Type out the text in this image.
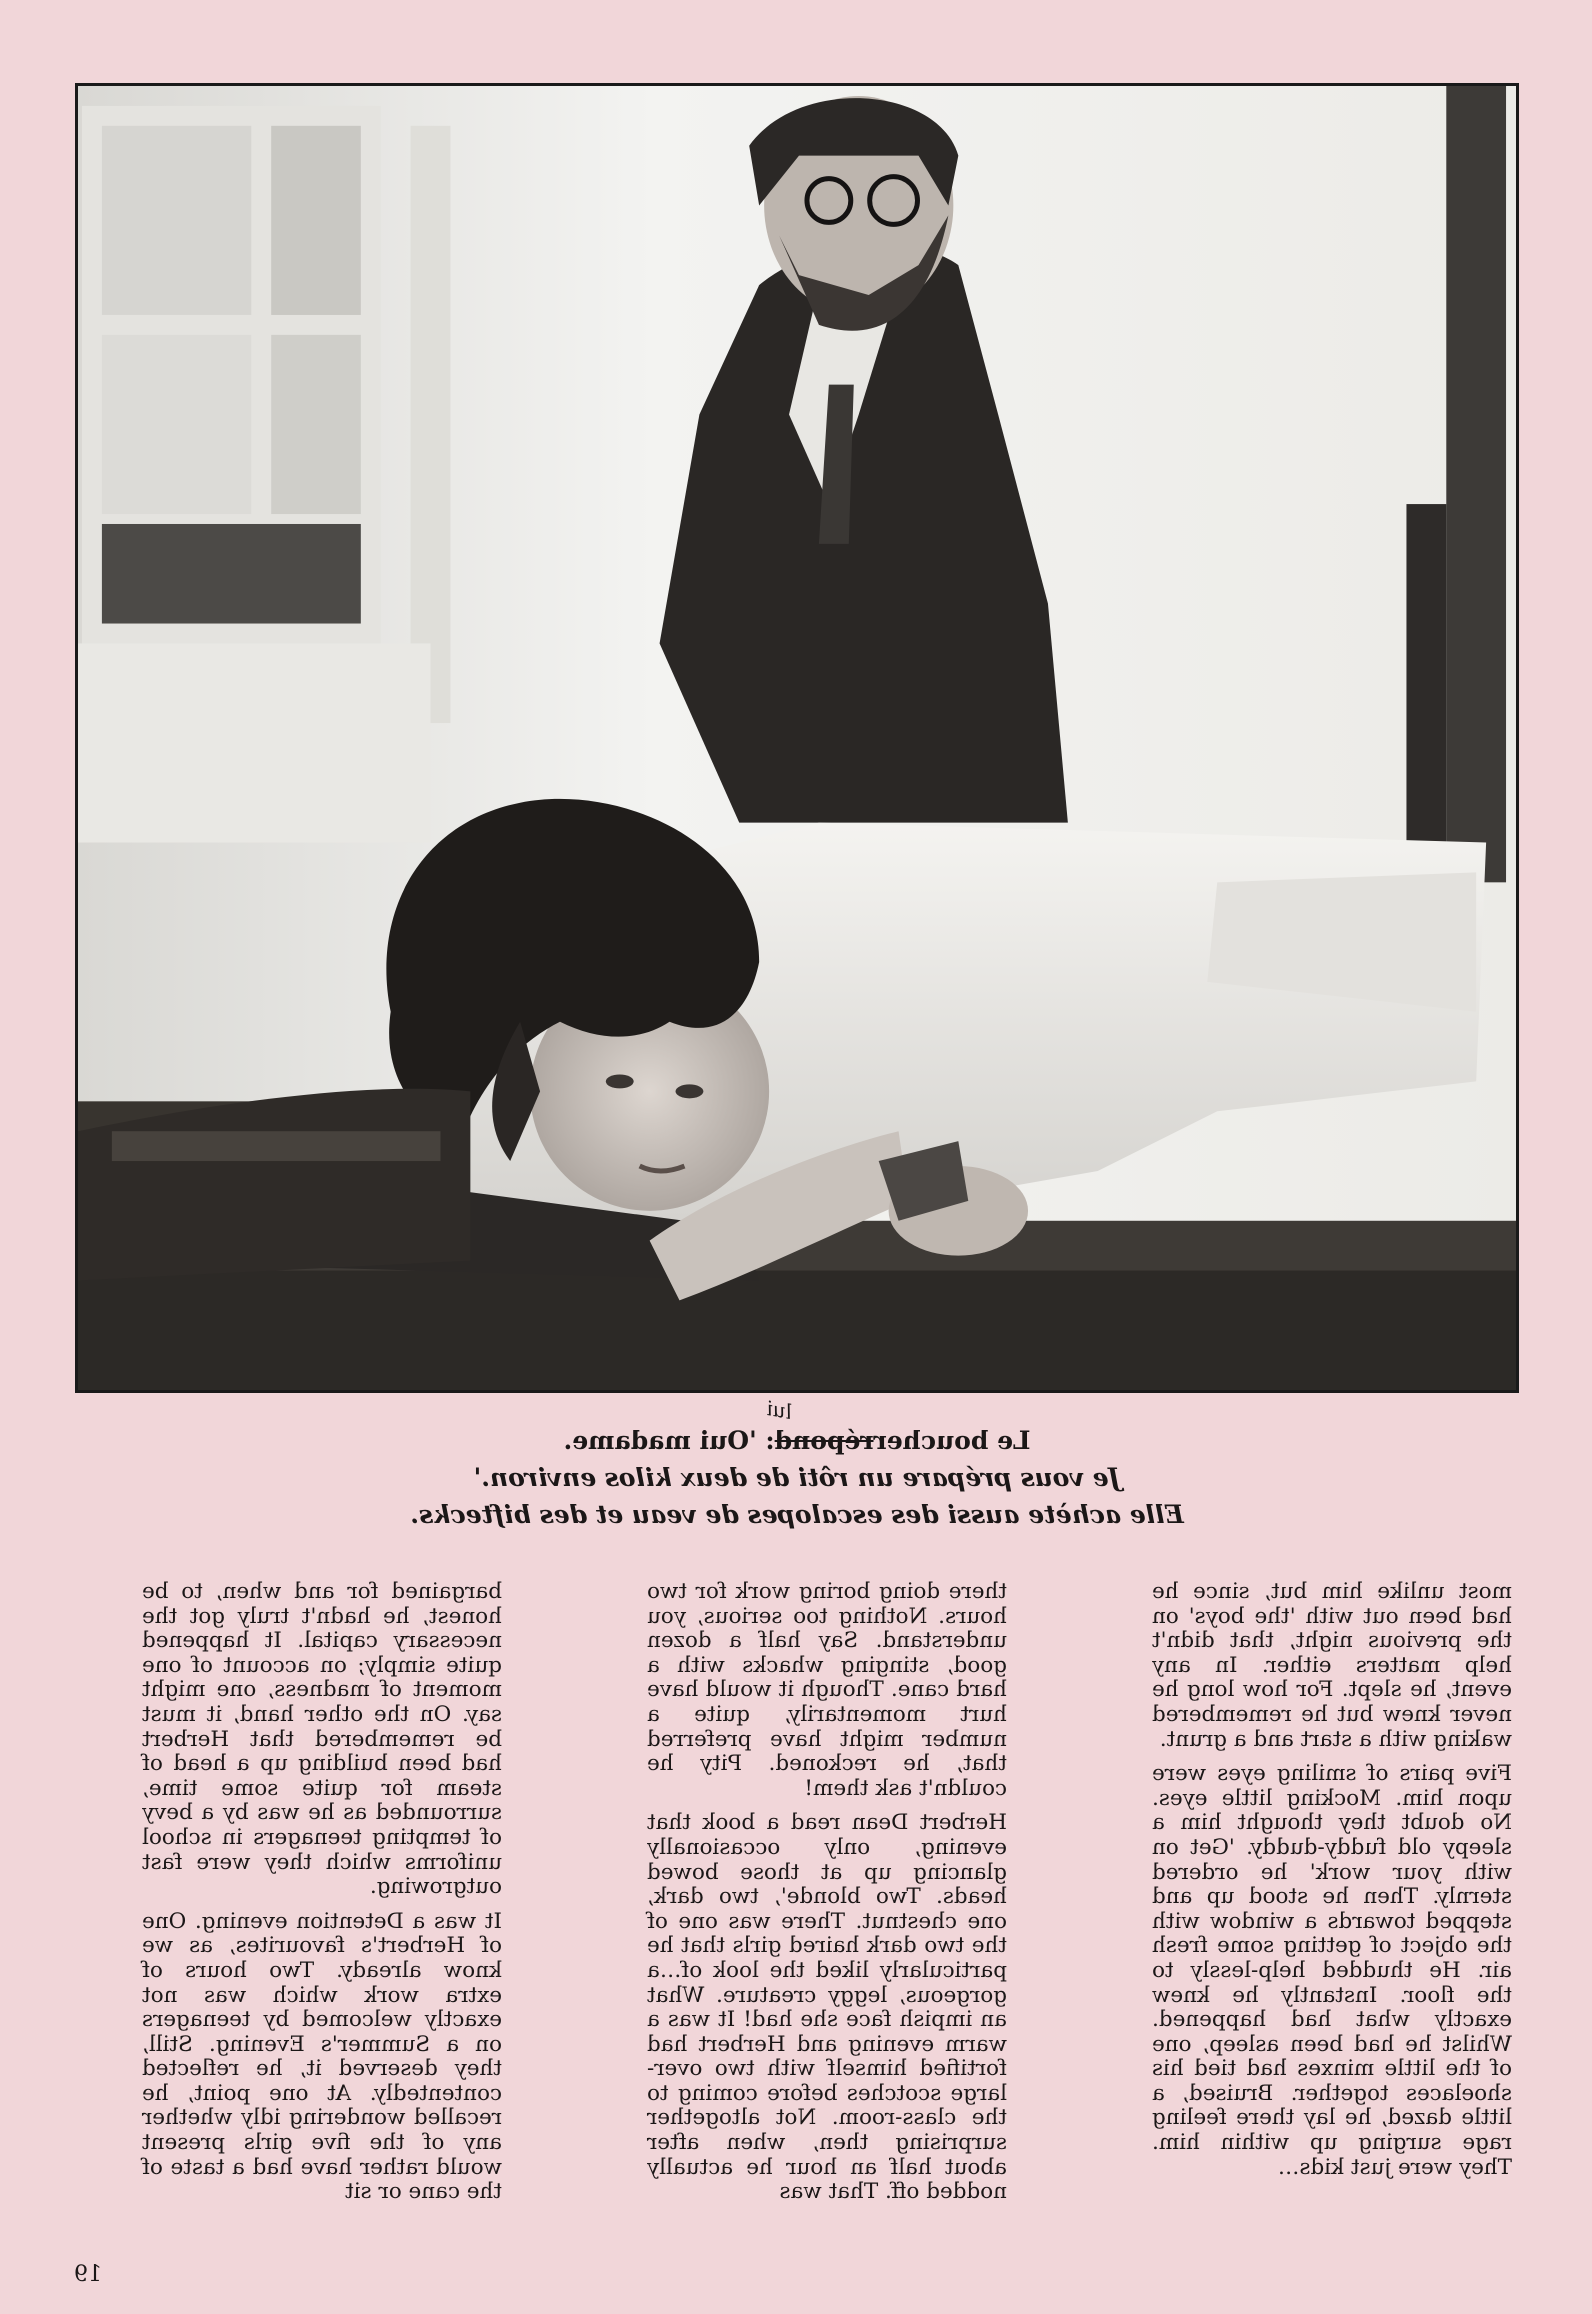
Le boucherrépond: 'Oui madame.
lui
Je vous prépare un rôti de deux kilos environ.'
Elle achète aussi des escalopes de veau et des biftecks.

bargained for and when, to be honest, he hadn't truly got the necessary capital. It happened quite simply; on account of one moment of madness, one might say. On the other hand, it must be remembered that Herbert had been building up a head of steam for quite some time, surrounded as he was by a bevy of tempting teenagers in school uniforms which they were fast outgrowing.

It was a Detention evening. One of Herbert's favourites, as we know already. Two hours of extra work which was not exactly welcomed by teenagers on a Summer's Evening. Still, they deserved it, he reflected contentedly. At one point, he recalled wondering idly whether any of the five girls present would rather have had a taste of the cane or sit

there doing boring work for two hours. Nothing too serious, you understand. Say half a dozen good, stinging whacks with a hard cane. Though it would have hurt momentarily, quite a number might have preferred that, he reckoned. Pity he couldn't ask them!

Herbert Dean read a book that evening, only occasionally glancing up at those bowed heads. Two blonde', two dark, one chestnut. There was one of the two dark haired girls that he particularly liked the look of…a gorgeous, leggy creature. What an impish face she had! It was a warm evening and Herbert had fortified himself with two over-large scotches before coming to the class-room. Not altogether surprising then, when after about half an hour he actually nodded off. That was

most unlike him but, since he had been out with 'the boys' on the previous night, that didn't help matters either. In any event, he slept. For how long he never knew but he remembered waking with a start and a grunt.

Five pairs of smiling eyes were upon him. Mocking little eyes. No doubt they thought him a sleepy old fuddy-duddy. 'Get on with your work' he ordered sternly. Then he stood up and stepped towards a window with the object of getting some fresh air. He thudded help-lessly to the floor. Instantly he knew exactly what had happened. Whilst he had been asleep, one of the little minxes had tied his shoelaces together. Bruised, a little dazed, he lay there feeling rage surging up within him. They were just kids…

19
